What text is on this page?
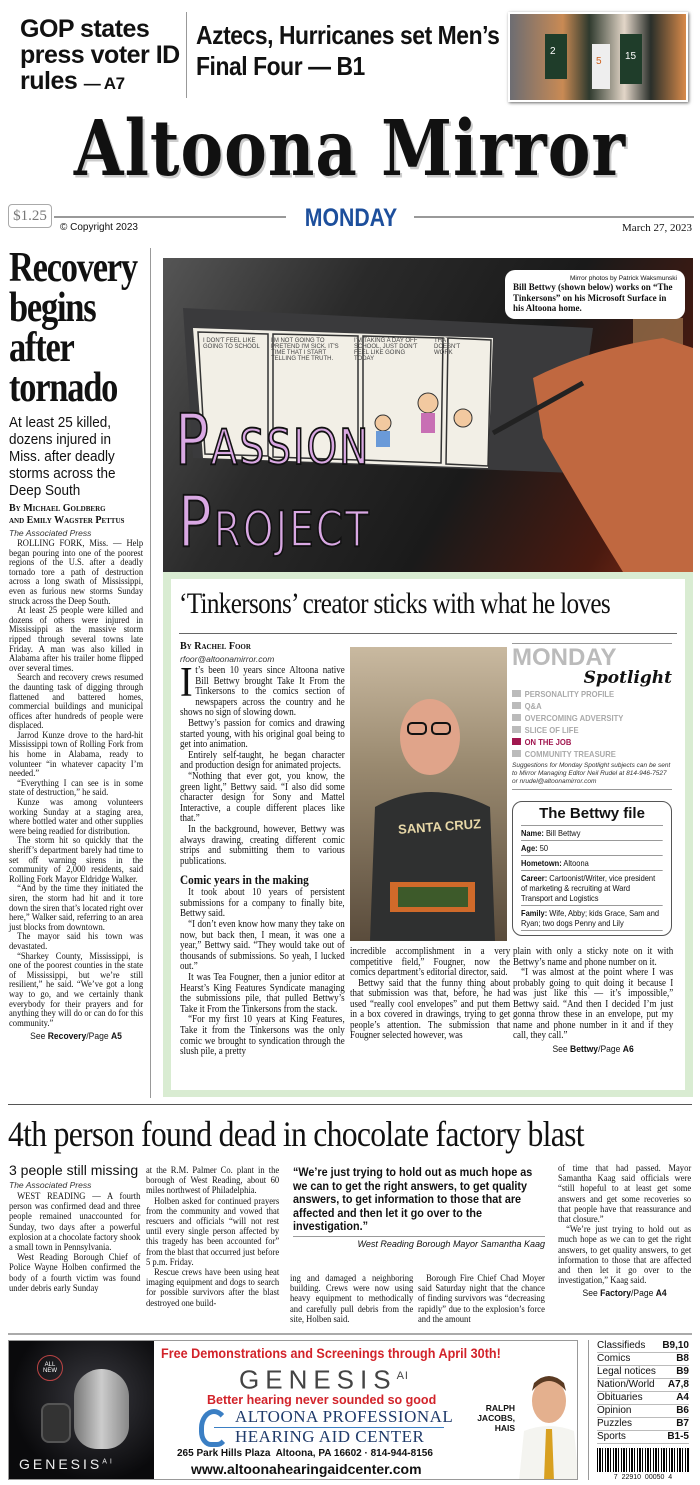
GOP states press voter ID rules — A7
Aztecs, Hurricanes set Men’s Final Four — B1	2	15
5
Altoona Mirror
$1.25
© Copyright 2023	MONDAY	March 27, 2023
Recovery begins after tornado
At least 25 killed, dozens injured in Miss. after deadly storms across the Deep South
By Michael Goldberg
and Emily Wagster Pettus
The Associated Press

ROLLING FORK, Miss. — Help began pouring into one of the poorest regions of the U.S. after a deadly tornado tore a path of destruction across a long swath of Mississippi, even as furious new storms Sunday struck across the Deep South.

At least 25 people were killed and dozens of others were injured in Mississippi as the massive storm ripped through several towns late Friday. A man was also killed in Alabama after his trailer home flipped over several times.

Search and recovery crews resumed the daunting task of digging through flattened and battered homes, commercial buildings and municipal offices after hundreds of people were displaced.

Jarrod Kunze drove to the hard-hit Mississippi town of Rolling Fork from his home in Alabama, ready to volunteer “in whatever capacity I’m needed.”

“Everything I can see is in some state of destruction,” he said.

Kunze was among volunteers working Sunday at a staging area, where bottled water and other supplies were being readied for distribution.

The storm hit so quickly that the sheriff’s department barely had time to set off warning sirens in the community of 2,000 residents, said Rolling Fork Mayor Eldridge Walker.

“And by the time they initiated the siren, the storm had hit and it tore down the siren that’s located right over here,” Walker said, referring to an area just blocks from downtown.

The mayor said his town was devastated.

“Sharkey County, Mississippi, is one of the poorest counties in the state of Mississippi, but we’re still resilient,” he said. “We’ve got a long way to go, and we certainly thank everybody for their prayers and for anything they will do or can do for this community.”

See Recovery/Page A5
I DON'T FEEL LIKE GOING TO SCHOOL
I'M NOT GOING TO PRETEND I'M SICK. IT'S TIME THAT I START TELLING THE TRUTH.
I'M TAKING A DAY OFF SCHOOL, JUST DON'T FEEL LIKE GOING TODAY
THAT DOESN'T WORK
Mirror photos by Patrick Waksmunski
Bill Bettwy (shown below) works on “The Tinkersons” on his Microsoft Surface in his Altoona home.
Passion
Project
‘Tinkersons’ creator sticks with what he loves
By Rachel Foor
rfoor@altoonamirror.com
It’s been 10 years since Altoona native Bill Bettwy brought Take It From the Tinkersons to the comics section of newspapers across the country and he shows no sign of slowing down.

Bettwy’s passion for comics and drawing started young, with his original goal being to get into animation.

Entirely self-taught, he began character and production design for animated projects.

“Nothing that ever got, you know, the green light,” Bettwy said. “I also did some character design for Sony and Mattel Interactive, a couple different places like that.”

In the background, however, Bettwy was always drawing, creating different comic strips and submitting them to various publications.

Comic years in the making

It took about 10 years of persistent submissions for a company to finally bite, Bettwy said.

“I don’t even know how many they take on now, but back then, I mean, it was one a year,” Bettwy said. “They would take out of thousands of submissions. So yeah, I lucked out.”

It was Tea Fougner, then a junior editor at Hearst’s King Features Syndicate managing the submissions pile, that pulled Bettwy’s Take it From the Tinkersons from the stack.

“For my first 10 years at King Features, Take it from the Tinkersons was the only comic we brought to syndication through the slush pile, a pretty

SANTA CRUZ

incredible accomplishment in a very competitive field,” Fougner, now the comics department’s editorial director, said.

Bettwy said that the funny thing about that submission was that, before, he had used “really cool envelopes” and put them in a box covered in drawings, trying to get people’s attention. The submission that Fougner selected however, was

plain with only a sticky note on it with Bettwy’s name and phone number on it.

“I was almost at the point where I was probably going to quit doing it because I was just like this — it’s impossible,” Bettwy said. “And then I decided I’m just gonna throw these in an envelope, put my name and phone number in it and if they call, they call.”

See Bettwy/Page A6
MONDAY
Spotlight
PERSONALITY PROFILE
Q&A
OVERCOMING ADVERSITY
SLICE OF LIFE
ON THE JOB
COMMUNITY TREASURE
Suggestions for Monday Spotlight subjects can be sent to Mirror Managing Editor Neil Rudel at 814-946-7527 or nrudel@altoonamirror.com
The Bettwy file
Name: Bill Bettwy
Age: 50
Hometown: Altoona
Career: Cartoonist/Writer, vice president of marketing & recruiting at Ward Transport and Logistics
Family: Wife, Abby; kids Grace, Sam and Ryan; two dogs Penny and Lily
4th person found dead in chocolate factory blast
3 people still missing
The Associated Press

WEST READING — A fourth person was confirmed dead and three people remained unaccounted for Sunday, two days after a powerful explosion at a chocolate factory shook a small town in Pennsylvania.

West Reading Borough Chief of Police Wayne Holben confirmed the body of a fourth victim was found under debris early Sunday

at the R.M. Palmer Co. plant in the borough of West Reading, about 60 miles northwest of Philadelphia.

Holben asked for continued prayers from the community and vowed that rescuers and officials “will not rest until every single person affected by this tragedy has been accounted for” from the blast that occurred just before 5 p.m. Friday.

Rescue crews have been using heat imaging equipment and dogs to search for possible survivors after the blast destroyed one build-

“We’re just trying to hold out as much hope as we can to get the right answers, to get quality answers, to get information to those that are affected and then let it go over to the investigation.”
West Reading Borough Mayor Samantha Kaag

ing and damaged a neighboring building. Crews were now using heavy equipment to methodically and carefully pull debris from the site, Holben said.

Borough Fire Chief Chad Moyer said Saturday night that the chance of finding survivors was “decreasing rapidly” due to the explosion’s force and the amount

of time that had passed. Mayor Samantha Kaag said officials were “still hopeful to at least get some answers and get some recoveries so that people have that reassurance and that closure.”

“We’re just trying to hold out as much hope as we can to get the right answers, to get quality answers, to get information to those that are affected and then let it go over to the investigation,” Kaag said.

See Factory/Page A4
ALL NEW
$GENESIS^{AI}$
Free Demonstrations and Screenings through April 30th!
$GENESIS^{AI}$
Better hearing never sounded so good
ALTOONA PROFESSIONAL
HEARING AID CENTER
265 Park Hills Plaza  Altoona, PA 16602 · 814-944-8156
www.altoonahearingaidcenter.com
RALPH JACOBS, HAIS
Classifieds B9,10
Comics	B8
Legal notices B9
Nation/World A7,8
Obituaries	A4
Opinion	B6
Puzzles	B7
Sports	B1-5
7  22910  00050  4
